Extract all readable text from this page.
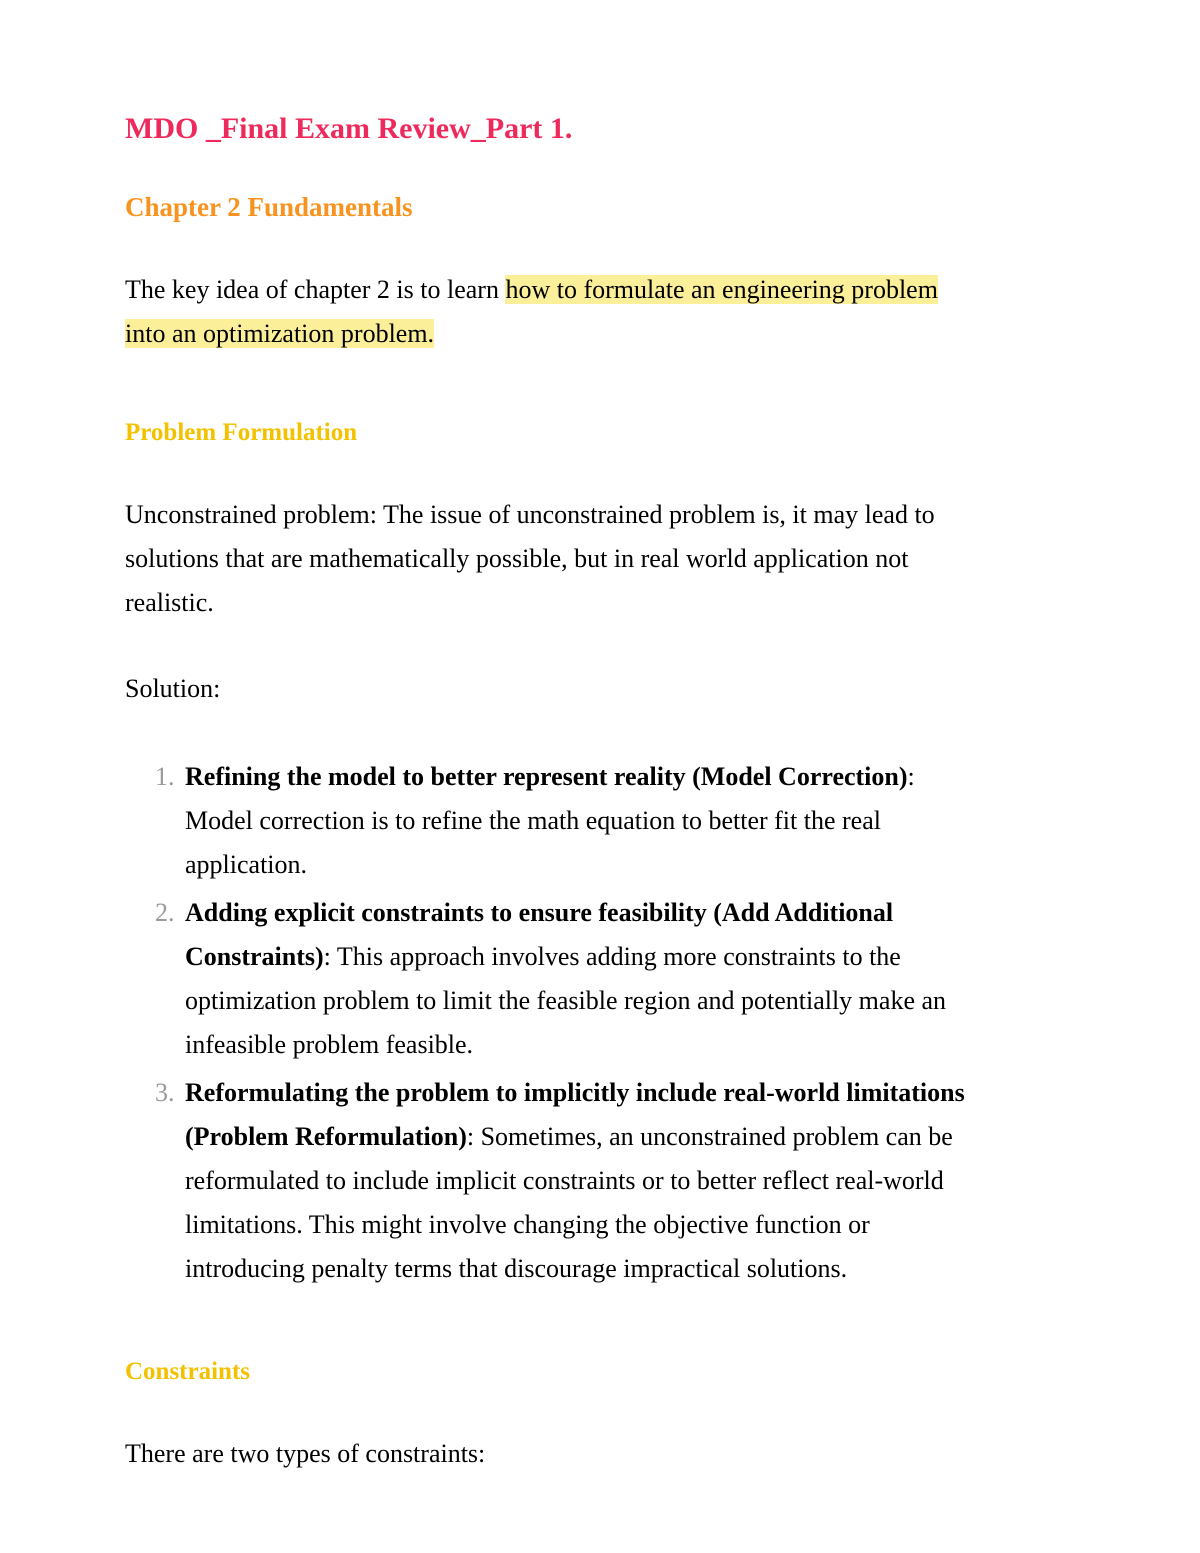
MDO _Final Exam Review_Part 1.
Chapter 2 Fundamentals
The key idea of chapter 2 is to learn how to formulate an engineering problem
into an optimization problem.
Problem Formulation
Unconstrained problem: The issue of unconstrained problem is, it may lead to
solutions that are mathematically possible, but in real world application not
realistic.
Solution:
1. Refining the model to better represent reality (Model Correction):
Model correction is to refine the math equation to better fit the real
application.
2. Adding explicit constraints to ensure feasibility (Add Additional
Constraints): This approach involves adding more constraints to the
optimization problem to limit the feasible region and potentially make an
infeasible problem feasible.
3. Reformulating the problem to implicitly include real-world limitations
(Problem Reformulation): Sometimes, an unconstrained problem can be
reformulated to include implicit constraints or to better reflect real-world
limitations. This might involve changing the objective function or
introducing penalty terms that discourage impractical solutions.
Constraints
There are two types of constraints:
